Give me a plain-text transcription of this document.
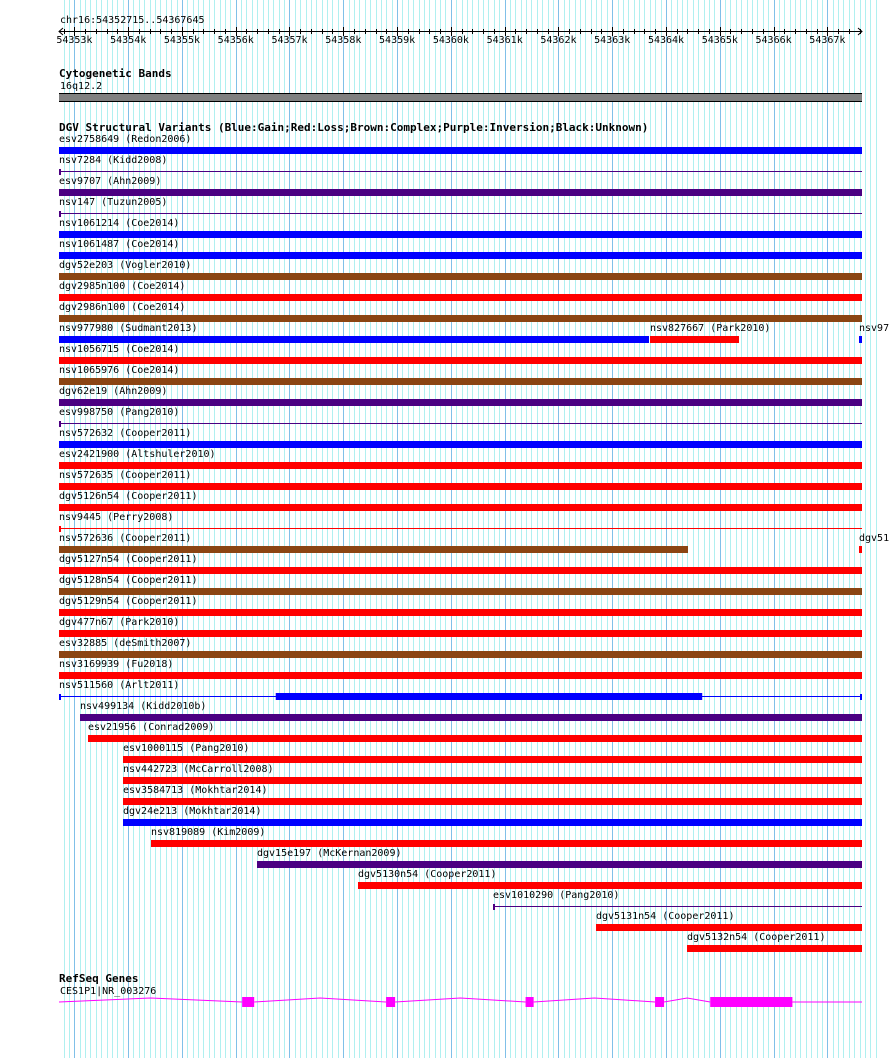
chr16:54352715..54367645
54353k 54354k 54355k 54356k 54357k 54358k 54359k 54360k 54361k 54362k 54363k 54364k 54365k 54366k 54367k
Cytogenetic Bands
16q12.2
DGV Structural Variants (Blue:Gain;Red:Loss;Brown:Complex;Purple:Inversion;Black:Unknown)
esv2758649 (Redon2006)
nsv7284 (Kidd2008)
esv9707 (Ahn2009)
nsv147 (Tuzun2005)
nsv1061214 (Coe2014)
nsv1061487 (Coe2014)
dgv52e203 (Vogler2010)
dgv2985n100 (Coe2014)
dgv2986n100 (Coe2014)
nsv977980 (Sudmant2013)	nsv827667 (Park2010)	nsv97
nsv1056715 (Coe2014)
nsv1065976 (Coe2014)
dgv62e19 (Ahn2009)
esv998750 (Pang2010)
nsv572632 (Cooper2011)
esv2421900 (Altshuler2010)
nsv572635 (Cooper2011)
dgv5126n54 (Cooper2011)
nsv9445 (Perry2008)
nsv572636 (Cooper2011)	dgv51
dgv5127n54 (Cooper2011)
dgv5128n54 (Cooper2011)
dgv5129n54 (Cooper2011)
dgv477n67 (Park2010)
esv32885 (deSmith2007)
nsv3169939 (Fu2018)
nsv511560 (Arlt2011)
nsv499134 (Kidd2010b)
esv21956 (Conrad2009)
esv1000115 (Pang2010)
nsv442723 (McCarroll2008)
esv3584713 (Mokhtar2014)
dgv24e213 (Mokhtar2014)
nsv819089 (Kim2009)
dgv15e197 (McKernan2009)
dgv5130n54 (Cooper2011)
esv1010290 (Pang2010)
dgv5131n54 (Cooper2011)
dgv5132n54 (Cooper2011)
RefSeq Genes
CES1P1|NR_003276
